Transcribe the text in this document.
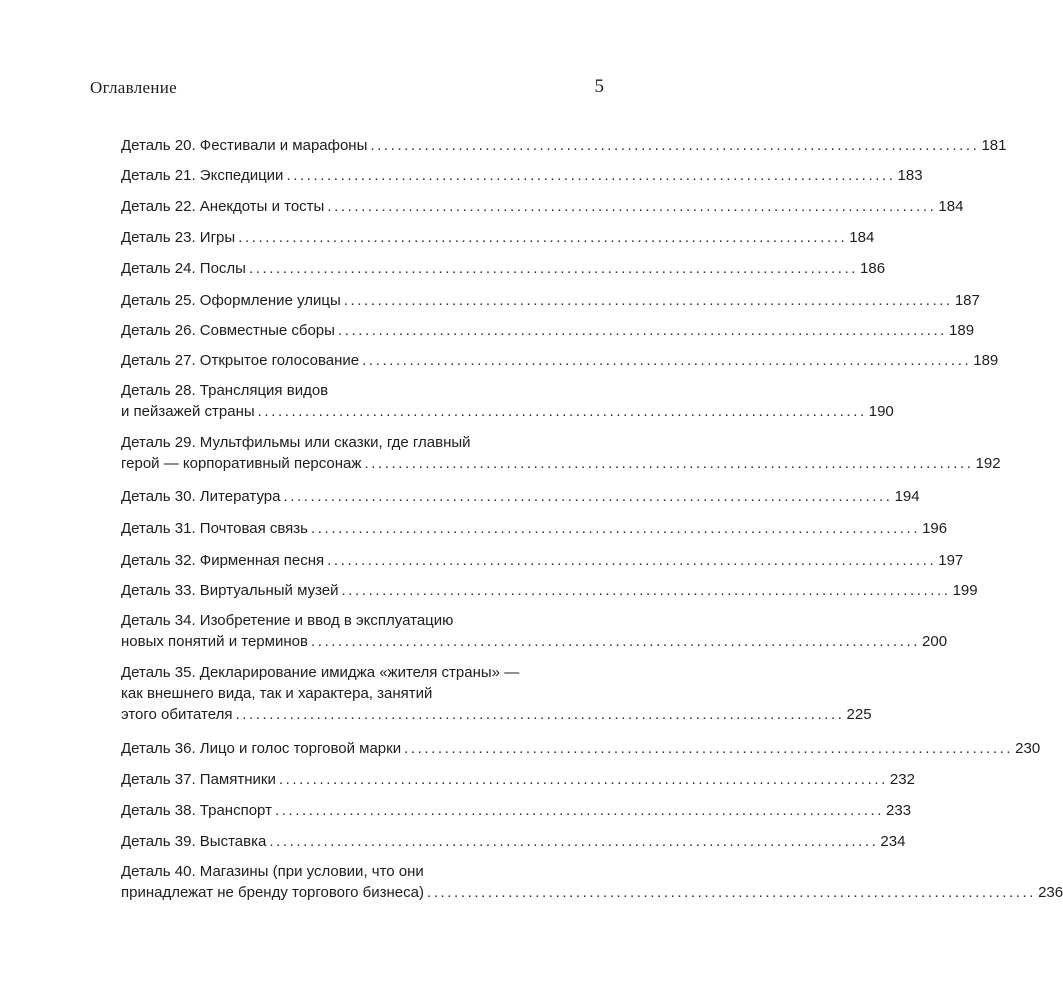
Оглавление	5
Деталь 20. Фестивали и марафоны .......................................................................................... 181
Деталь 21. Экспедиции .......................................................................................... 183
Деталь 22. Анекдоты и тосты .......................................................................................... 184
Деталь 23. Игры .......................................................................................... 184
Деталь 24. Послы .......................................................................................... 186
Деталь 25. Оформление улицы .......................................................................................... 187
Деталь 26. Совместные сборы .......................................................................................... 189
Деталь 27. Открытое голосование .......................................................................................... 189
Деталь 28. Трансляция видов
и пейзажей страны .......................................................................................... 190
Деталь 29. Мультфильмы или сказки, где главный
герой — корпоративный персонаж .......................................................................................... 192
Деталь 30. Литература .......................................................................................... 194
Деталь 31. Почтовая связь .......................................................................................... 196
Деталь 32. Фирменная песня .......................................................................................... 197
Деталь 33. Виртуальный музей .......................................................................................... 199
Деталь 34. Изобретение и ввод в эксплуатацию
новых понятий и терминов .......................................................................................... 200
Деталь 35. Декларирование имиджа «жителя страны» —
как внешнего вида, так и характера, занятий
этого обитателя .......................................................................................... 225
Деталь 36. Лицо и голос торговой марки .......................................................................................... 230
Деталь 37. Памятники .......................................................................................... 232
Деталь 38. Транспорт .......................................................................................... 233
Деталь 39. Выставка .......................................................................................... 234
Деталь 40. Магазины (при условии, что они
принадлежат не бренду торгового бизнеса) .......................................................................................... 236
